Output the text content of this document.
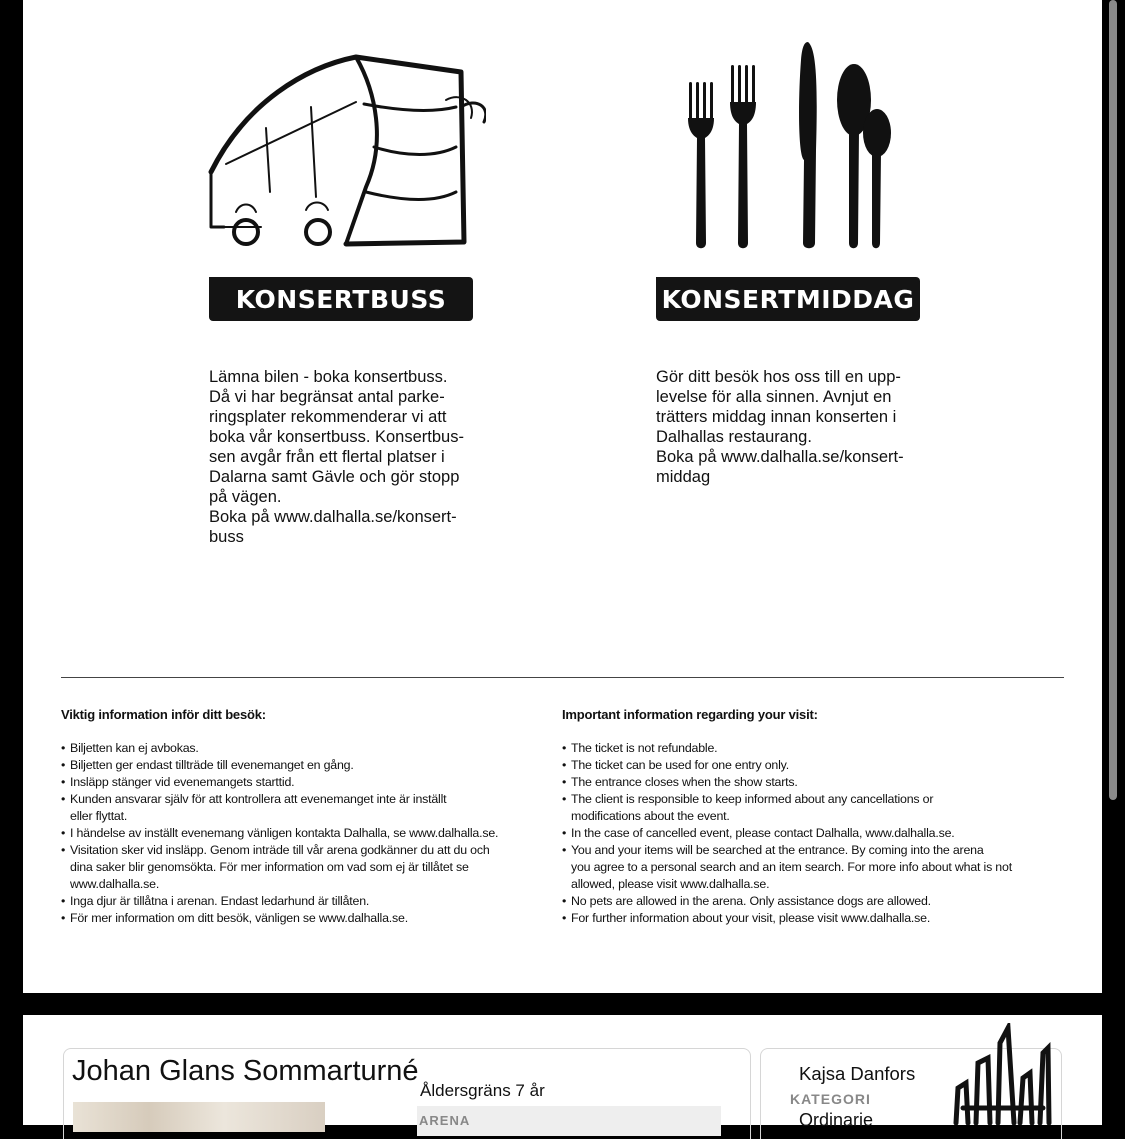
KONSERTBUSS	KONSERTMIDDAG
Lämna bilen - boka konsertbuss.
Då vi har begränsat antal parke-
ringsplater rekommenderar vi att
boka vår konsertbuss. Konsertbus-
sen avgår från ett flertal platser i
Dalarna samt Gävle och gör stopp
på vägen.
Boka på www.dalhalla.se/konsert-
buss
Gör ditt besök hos oss till en upp-
levelse för alla sinnen. Avnjut en
trätters middag innan konserten i
Dalhallas restaurang.
Boka på www.dalhalla.se/konsert-
middag
Viktig information inför ditt besök:
• Biljetten kan ej avbokas.
• Biljetten ger endast tillträde till evenemanget en gång.
• Insläpp stänger vid evenemangets starttid.
• Kunden ansvarar själv för att kontrollera att evenemanget inte är inställt
eller flyttat.
• I händelse av inställt evenemang vänligen kontakta Dalhalla, se www.dalhalla.se.
• Visitation sker vid insläpp. Genom inträde till vår arena godkänner du att du och
dina saker blir genomsökta. För mer information om vad som ej är tillåtet se
www.dalhalla.se.
• Inga djur är tillåtna i arenan. Endast ledarhund är tillåten.
• För mer information om ditt besök, vänligen se www.dalhalla.se.
Important information regarding your visit:
• The ticket is not refundable.
• The ticket can be used for one entry only.
• The entrance closes when the show starts.
• The client is responsible to keep informed about any cancellations or
modifications about the event.
• In the case of cancelled event, please contact Dalhalla, www.dalhalla.se.
• You and your items will be searched at the entrance. By coming into the arena
you agree to a personal search and an item search. For more info about what is not
allowed, please visit www.dalhalla.se.
• No pets are allowed in the arena. Only assistance dogs are allowed.
• For further information about your visit, please visit www.dalhalla.se.
Johan Glans Sommarturné
Åldersgräns 7 år
ARENA
Kajsa Danfors
KATEGORI
Ordinarie
